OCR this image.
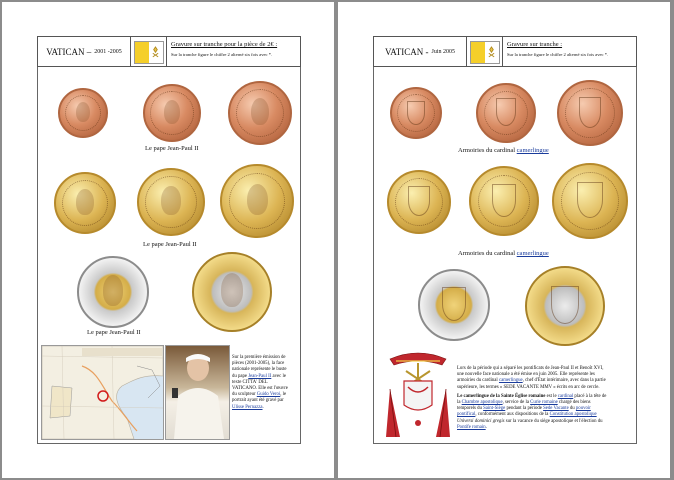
VATICAN – 2001 -2005
Gravure sur tranche pour la pièce de 2€ :
Sur la tranche figure le chiffre 2 alterné six fois avec *.
Le pape Jean-Paul II
Le pape Jean-Paul II
Le pape Jean-Paul II
Sur la première émission de
pièces (2001-2005), la face
nationale représente le buste
du pape Jean-Paul II avec le
texte CITTA' DEL
VATICANO. Elle est l'œuvre
du sculpteur Guido Veroi, le
portrait ayant été gravé par
Ulisse Pernazza.
VATICAN - Juin 2005
Gravure sur tranche :
Sur la tranche figure le chiffre 2 alterné six fois avec *.
Armoiries du cardinal camerlingue
Armoiries du cardinal camerlingue
Lors de la période qui a séparé les pontificats de Jean-Paul II et Benoît XVI,
une nouvelle face nationale a été émise en juin 2005. Elle représente les
armoiries du cardinal camerlingue, chef d'État intérimaire, avec dans la partie
supérieure, les termes « SEDE VACANTE MMV » écrits en arc de cercle.
Le camerlingue de la Sainte Église romaine est le cardinal placé à la tête de
la Chambre apostolique, service de la Curie romaine chargé des biens
temporels du Saint-Siège pendant la période Sede Vacante du pouvoir
pontifical, conformément aux dispositions de la Constitution apostolique
Universi dominici gregis sur la vacance du siège apostolique et l'élection du
Pontife romain.
